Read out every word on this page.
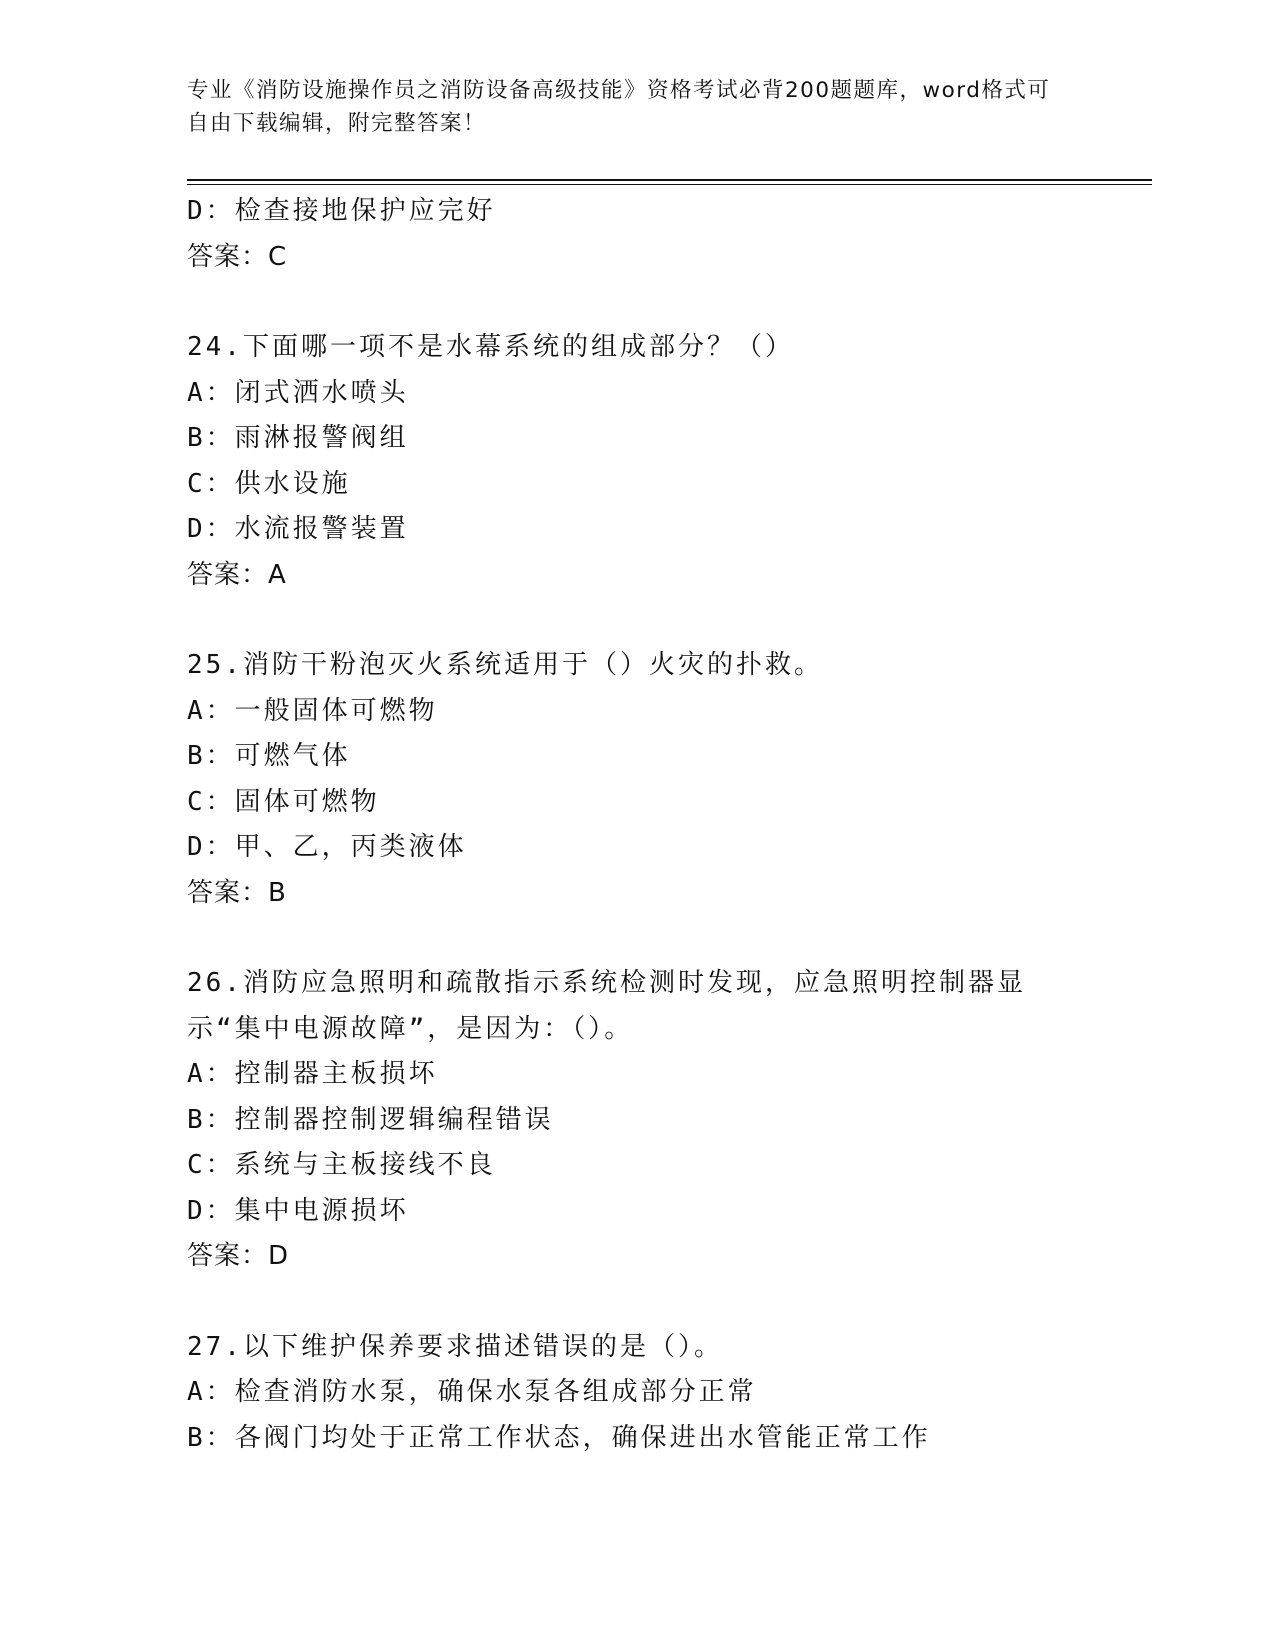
专业《消防设施操作员之消防设备高级技能》资格考试必背200题题库，word格式可自由下载编辑，附完整答案！
D：检查接地保护应完好
答案：C
24.下面哪一项不是水幕系统的组成部分？（）
A：闭式洒水喷头
B：雨淋报警阀组
C：供水设施
D：水流报警装置
答案：A
25.消防干粉泡灭火系统适用于（）火灾的扑救。
A：一般固体可燃物
B：可燃气体
C：固体可燃物
D：甲、乙，丙类液体
答案：B
26.消防应急照明和疏散指示系统检测时发现，应急照明控制器显示“集中电源故障”，是因为：（）。
A：控制器主板损坏
B：控制器控制逻辑编程错误
C：系统与主板接线不良
D：集中电源损坏
答案：D
27.以下维护保养要求描述错误的是（）。
A：检查消防水泵，确保水泵各组成部分正常
B：各阀门均处于正常工作状态，确保进出水管能正常工作
